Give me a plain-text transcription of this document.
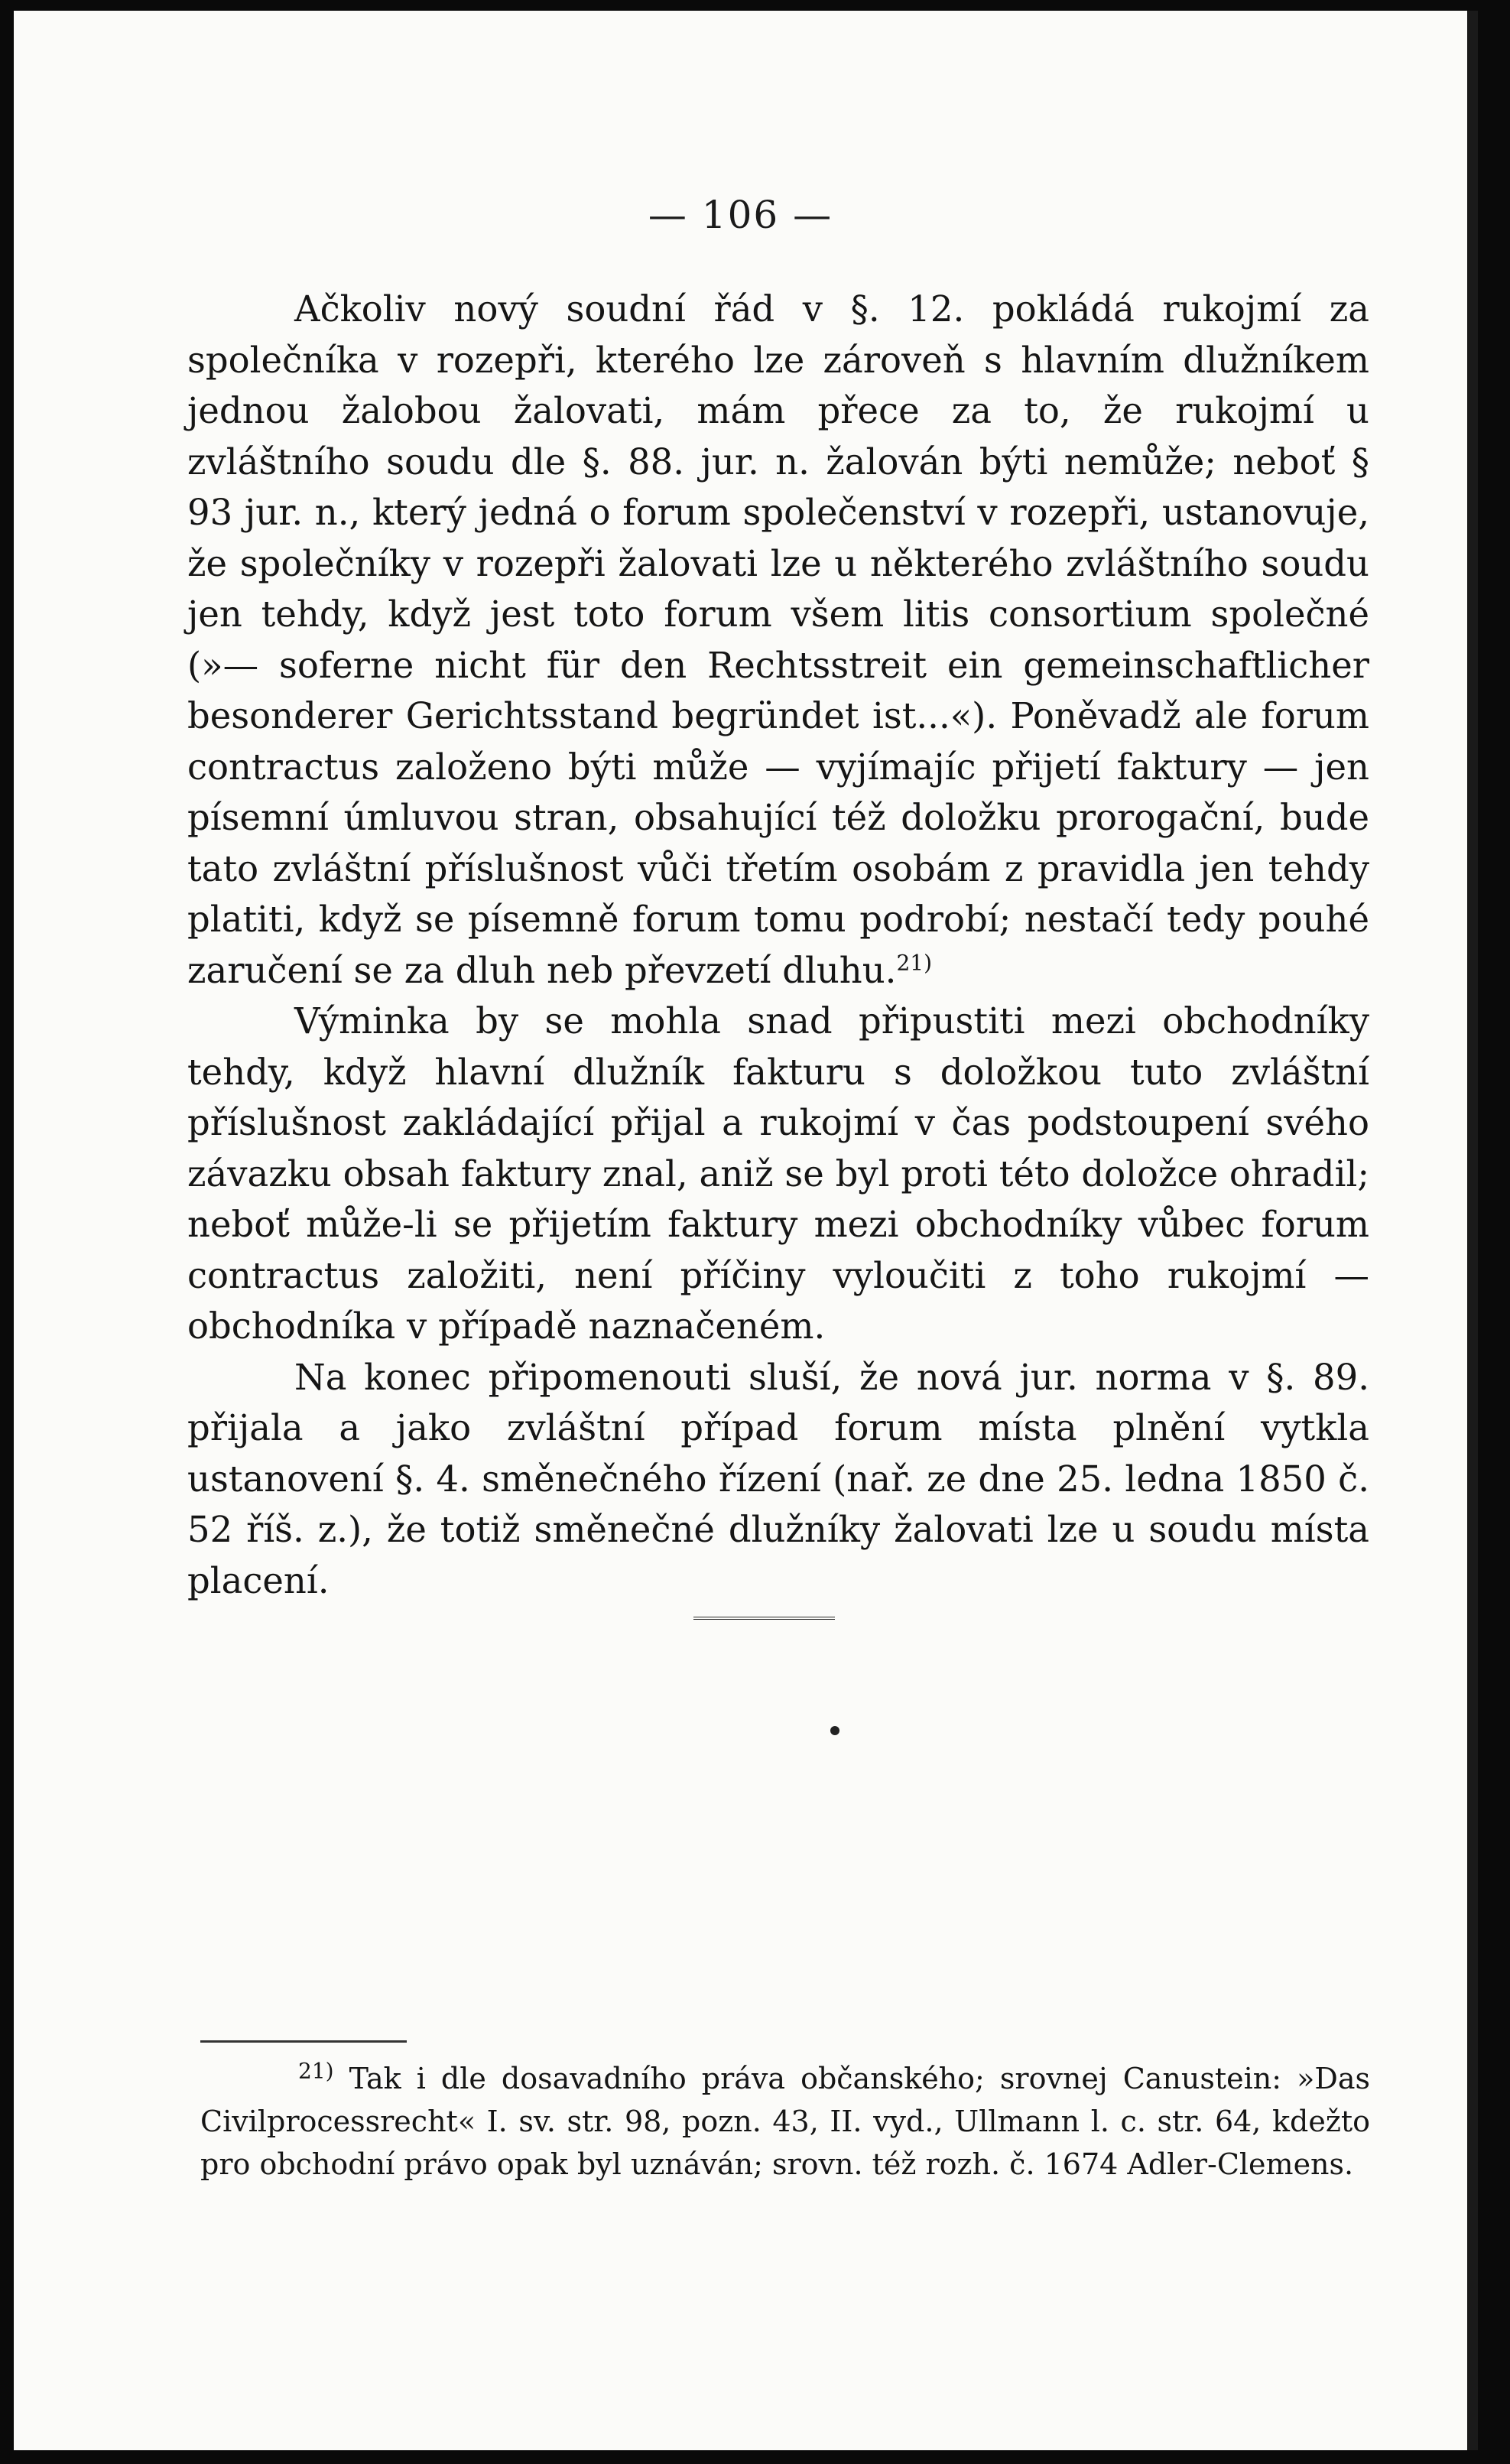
— 106 —

Ačkoliv nový soudní řád v §. 12. pokládá rukojmí za společníka v rozepři, kterého lze zároveň s hlavním dlužníkem jednou žalobou žalovati, mám přece za to, že rukojmí u zvláštního soudu dle §. 88. jur. n. žalován býti nemůže; neboť § 93 jur. n., který jedná o forum společenství v rozepři, ustanovuje, že společníky v rozepři žalovati lze u některého zvláštního soudu jen tehdy, když jest toto forum všem litis consortium společné (»— soferne nicht für den Rechtsstreit ein gemeinschaftlicher besonderer Gerichtsstand begründet ist...«). Poněvadž ale forum contractus založeno býti může — vyjímajíc přijetí faktury — jen písemní úmluvou stran, obsahující též doložku prorogační, bude tato zvláštní příslušnost vůči třetím osobám z pravidla jen tehdy platiti, když se písemně forum tomu podrobí; nestačí tedy pouhé zaručení se za dluh neb převzetí dluhu.$^{21)}$

Výminka by se mohla snad připustiti mezi obchodníky tehdy, když hlavní dlužník fakturu s doložkou tuto zvláštní příslušnost zakládající přijal a rukojmí v čas podstoupení svého závazku obsah faktury znal, aniž se byl proti této doložce ohradil; neboť může-li se přijetím faktury mezi obchodníky vůbec forum contractus založiti, není příčiny vyloučiti z toho rukojmí — obchodníka v případě naznačeném.

Na konec připomenouti sluší, že nová jur. norma v §. 89. přijala a jako zvláštní případ forum místa plnění vytkla ustanovení §. 4. směnečného řízení (nař. ze dne 25. ledna 1850 č. 52 říš. z.), že totiž směnečné dlužníky žalovati lze u soudu místa placení.

$^{21)}$ Tak i dle dosavadního práva občanského; srovnej Canustein: »Das Civilprocessrecht« I. sv. str. 98, pozn. 43, II. vyd., Ullmann l. c. str. 64, kdežto pro obchodní právo opak byl uznáván; srovn. též rozh. č. 1674 Adler-Clemens.
